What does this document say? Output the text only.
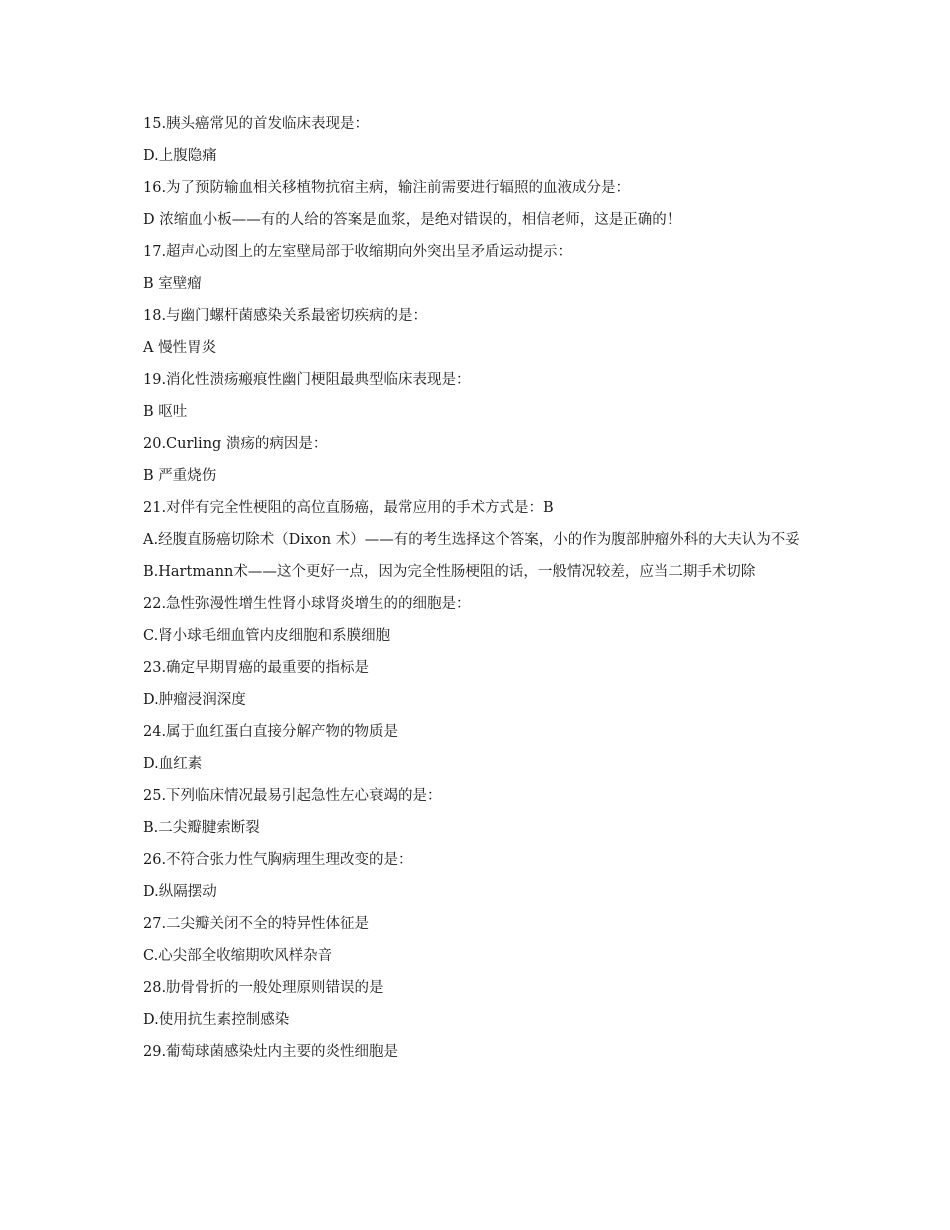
15.胰头癌常见的首发临床表现是：
D.上腹隐痛
16.为了预防输血相关移植物抗宿主病，输注前需要进行辐照的血液成分是：
D 浓缩血小板——有的人给的答案是血浆，是绝对错误的，相信老师，这是正确的！
17.超声心动图上的左室壁局部于收缩期向外突出呈矛盾运动提示：
B 室壁瘤
18.与幽门螺杆菌感染关系最密切疾病的是：
A 慢性胃炎
19.消化性溃疡瘢痕性幽门梗阻最典型临床表现是：
B 呕吐
20.Curling 溃疡的病因是：
B 严重烧伤
21.对伴有完全性梗阻的高位直肠癌，最常应用的手术方式是：B
A.经腹直肠癌切除术（Dixon 术）——有的考生选择这个答案，小的作为腹部肿瘤外科的大夫认为不妥
B.Hartmann术——这个更好一点，因为完全性肠梗阻的话，一般情况较差，应当二期手术切除
22.急性弥漫性增生性肾小球肾炎增生的的细胞是：
C.肾小球毛细血管内皮细胞和系膜细胞
23.确定早期胃癌的最重要的指标是
D.肿瘤浸润深度
24.属于血红蛋白直接分解产物的物质是
D.血红素
25.下列临床情况最易引起急性左心衰竭的是：
B.二尖瓣腱索断裂
26.不符合张力性气胸病理生理改变的是：
D.纵隔摆动
27.二尖瓣关闭不全的特异性体征是
C.心尖部全收缩期吹风样杂音
28.肋骨骨折的一般处理原则错误的是
D.使用抗生素控制感染
29.葡萄球菌感染灶内主要的炎性细胞是
